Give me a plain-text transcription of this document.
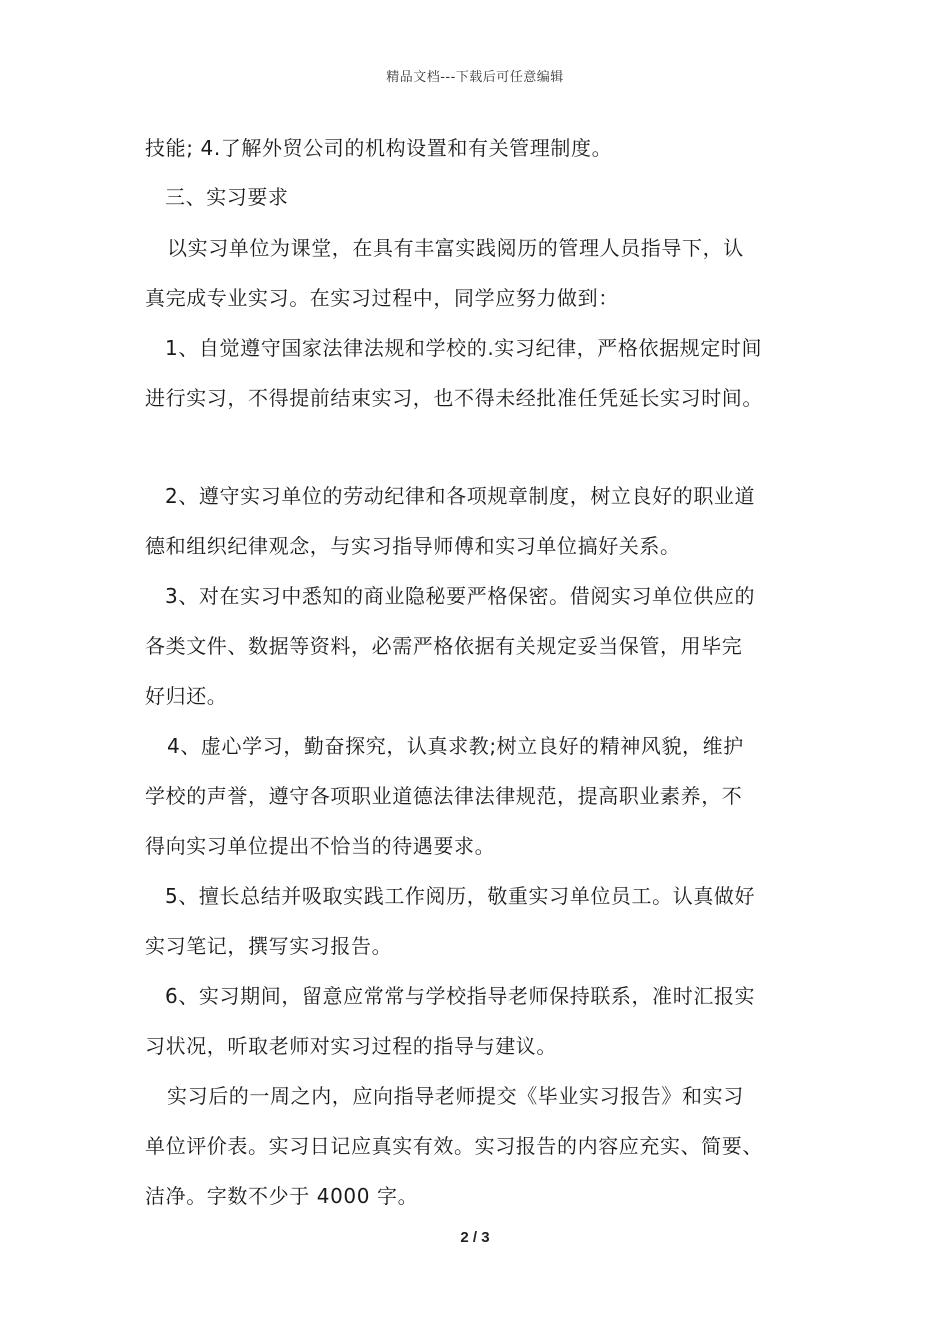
精品文档---下载后可任意编辑
技能; 4.了解外贸公司的机构设置和有关管理制度。
三、实习要求
以实习单位为课堂，在具有丰富实践阅历的管理人员指导下，认
真完成专业实习。在实习过程中，同学应努力做到：
1、自觉遵守国家法律法规和学校的.实习纪律，严格依据规定时间
进行实习，不得提前结束实习，也不得未经批准任凭延长实习时间。
2、遵守实习单位的劳动纪律和各项规章制度，树立良好的职业道
德和组织纪律观念，与实习指导师傅和实习单位搞好关系。
3、对在实习中悉知的商业隐秘要严格保密。借阅实习单位供应的
各类文件、数据等资料，必需严格依据有关规定妥当保管，用毕完
好归还。
4、虚心学习，勤奋探究，认真求教;树立良好的精神风貌，维护
学校的声誉，遵守各项职业道德法律法律规范，提高职业素养，不
得向实习单位提出不恰当的待遇要求。
5、擅长总结并吸取实践工作阅历，敬重实习单位员工。认真做好
实习笔记，撰写实习报告。
6、实习期间，留意应常常与学校指导老师保持联系，准时汇报实
习状况，听取老师对实习过程的指导与建议。
实习后的一周之内，应向指导老师提交《毕业实习报告》和实习
单位评价表。实习日记应真实有效。实习报告的内容应充实、简要、
洁净。字数不少于 4000 字。
2 / 3
